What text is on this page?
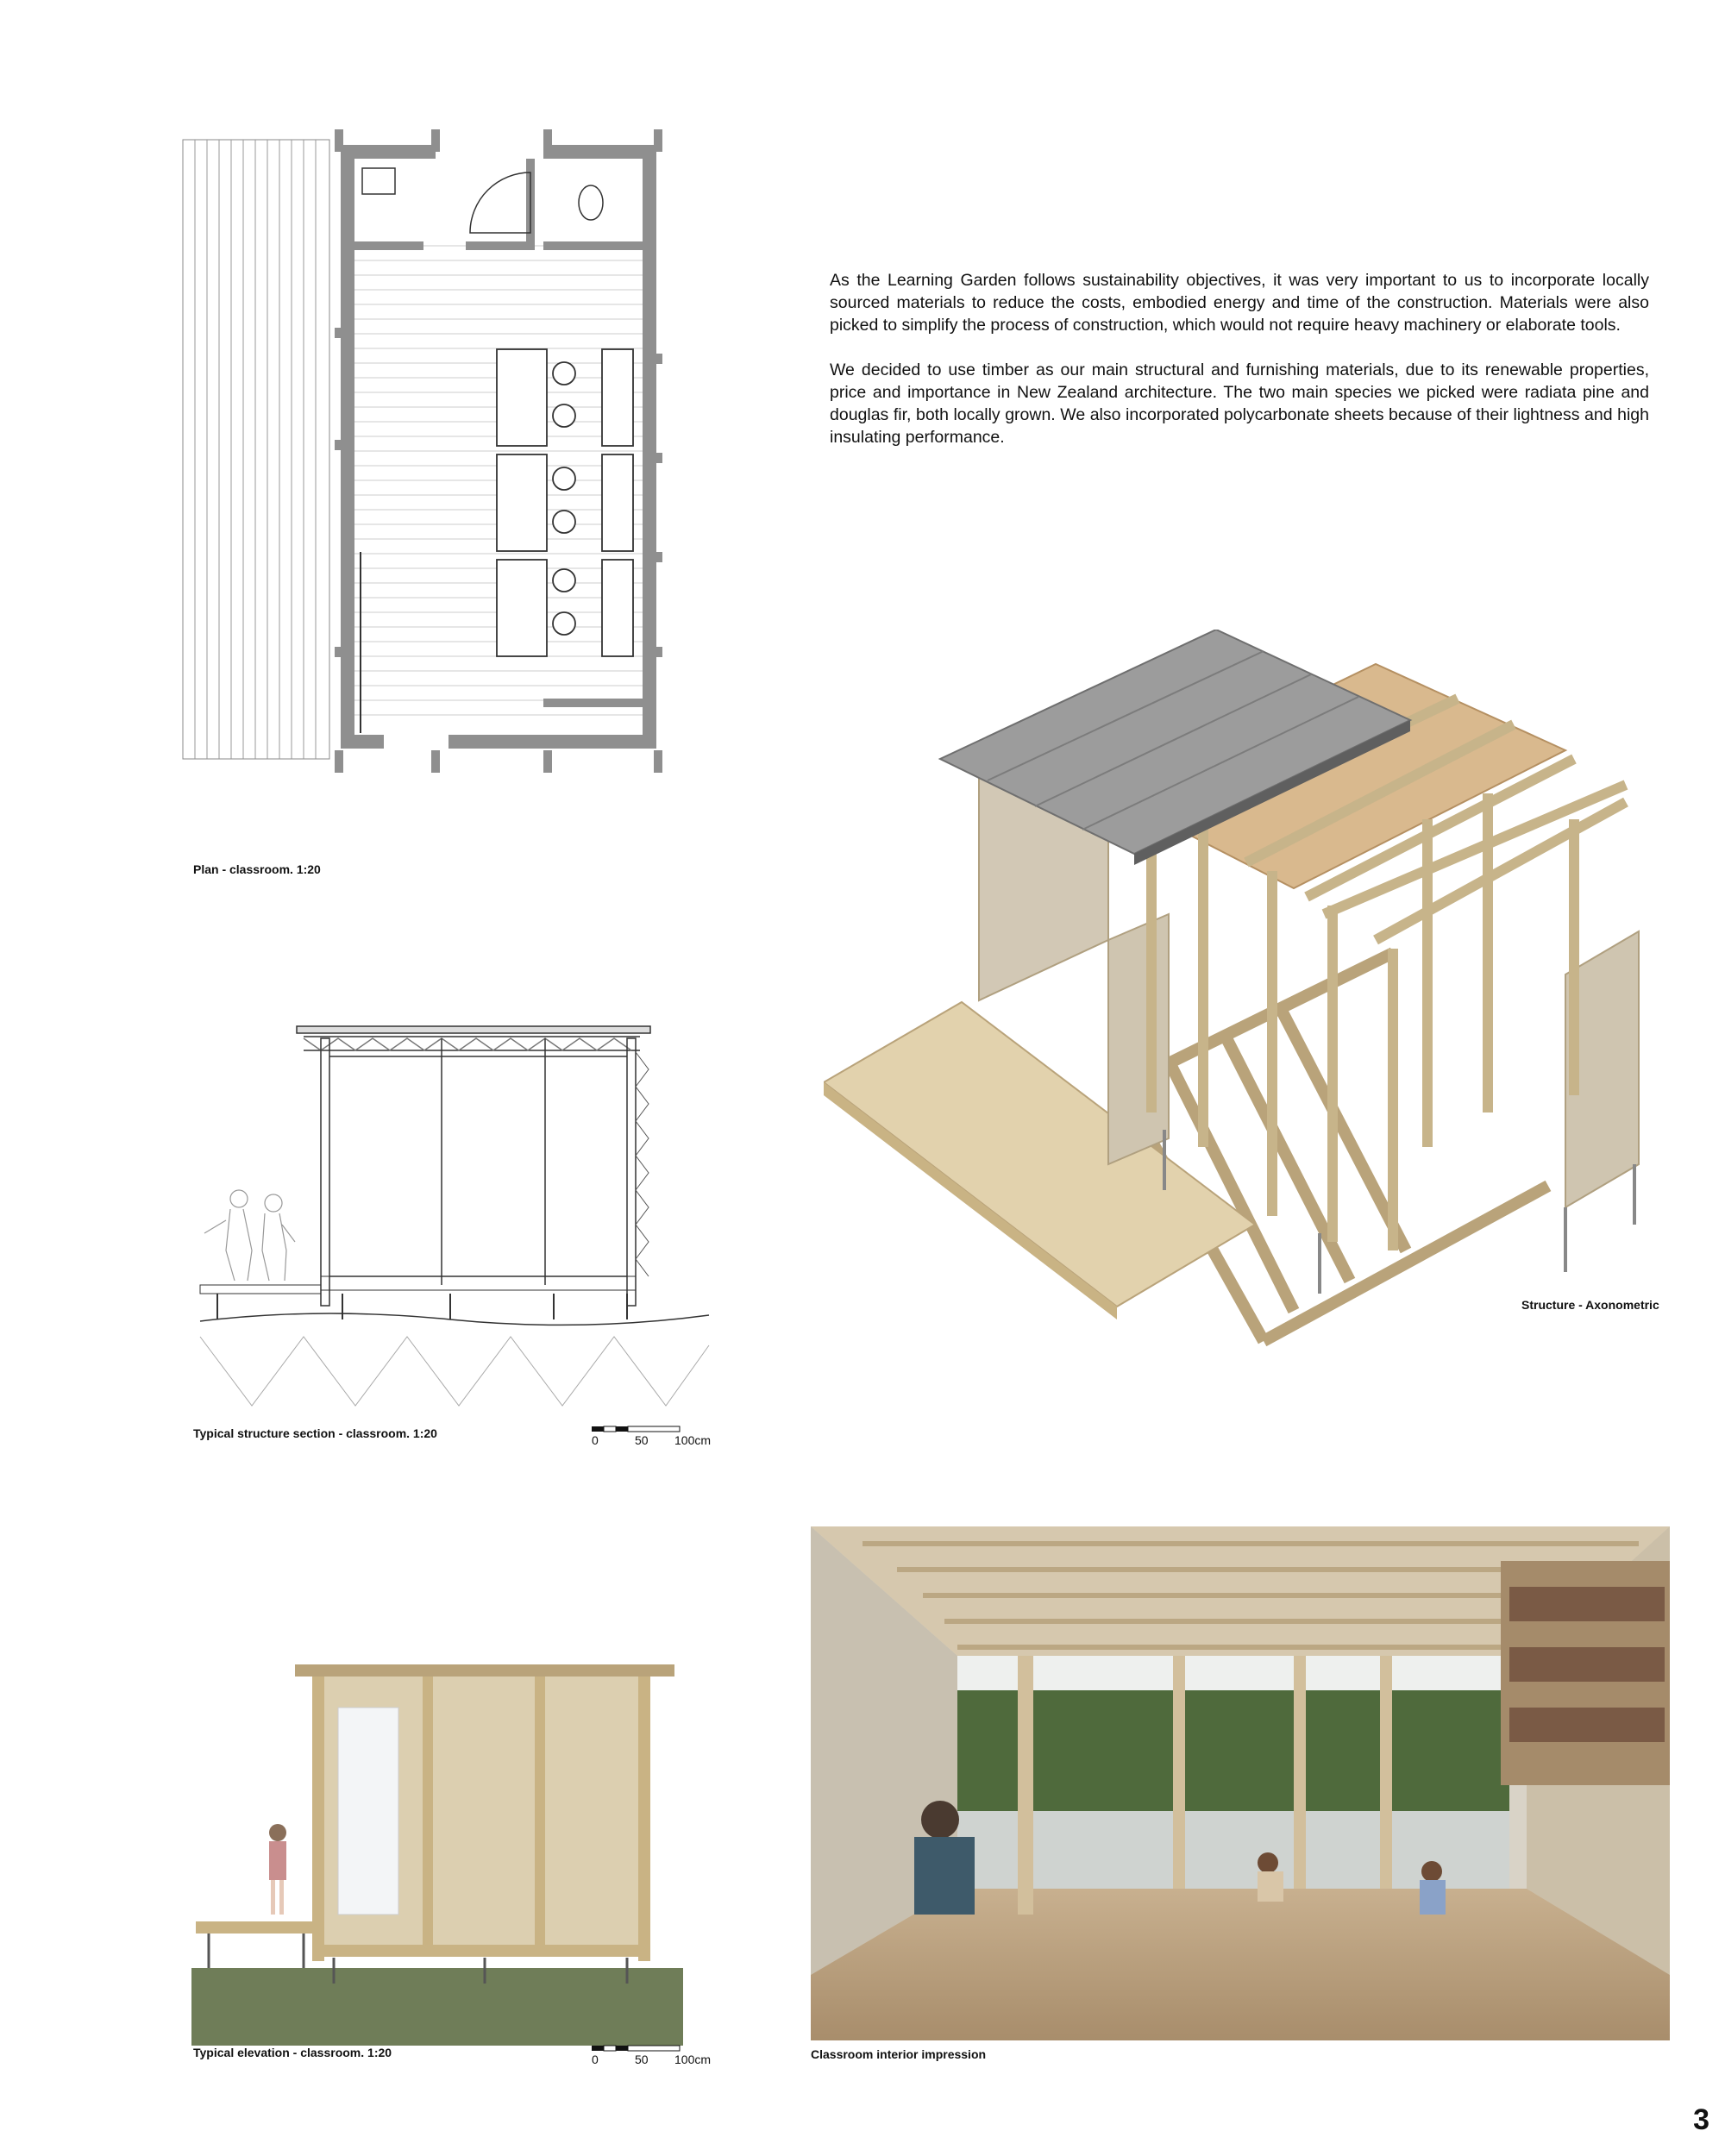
Plan - classroom. 1:20

As the Learning Garden follows sustainability objectives, it was very important to us to incorporate locally sourced materials to reduce the costs, embodied energy and time of the construction. Materials were also picked to simplify the process of construction, which would not require heavy machinery or elaborate tools.

We decided to use timber as our main structural and furnishing materials, due to its renewable properties, price and importance in New Zealand architecture. The two main species we picked were radiata pine and douglas fir, both locally grown. We also incorporated polycarbonate sheets because of their lightness and high insulating performance.

Structure - Axonometric
Typical structure section - classroom. 1:20	0	50 100cm
Typical elevation - classroom. 1:20	0	50 100cm	Classroom interior impression
3
